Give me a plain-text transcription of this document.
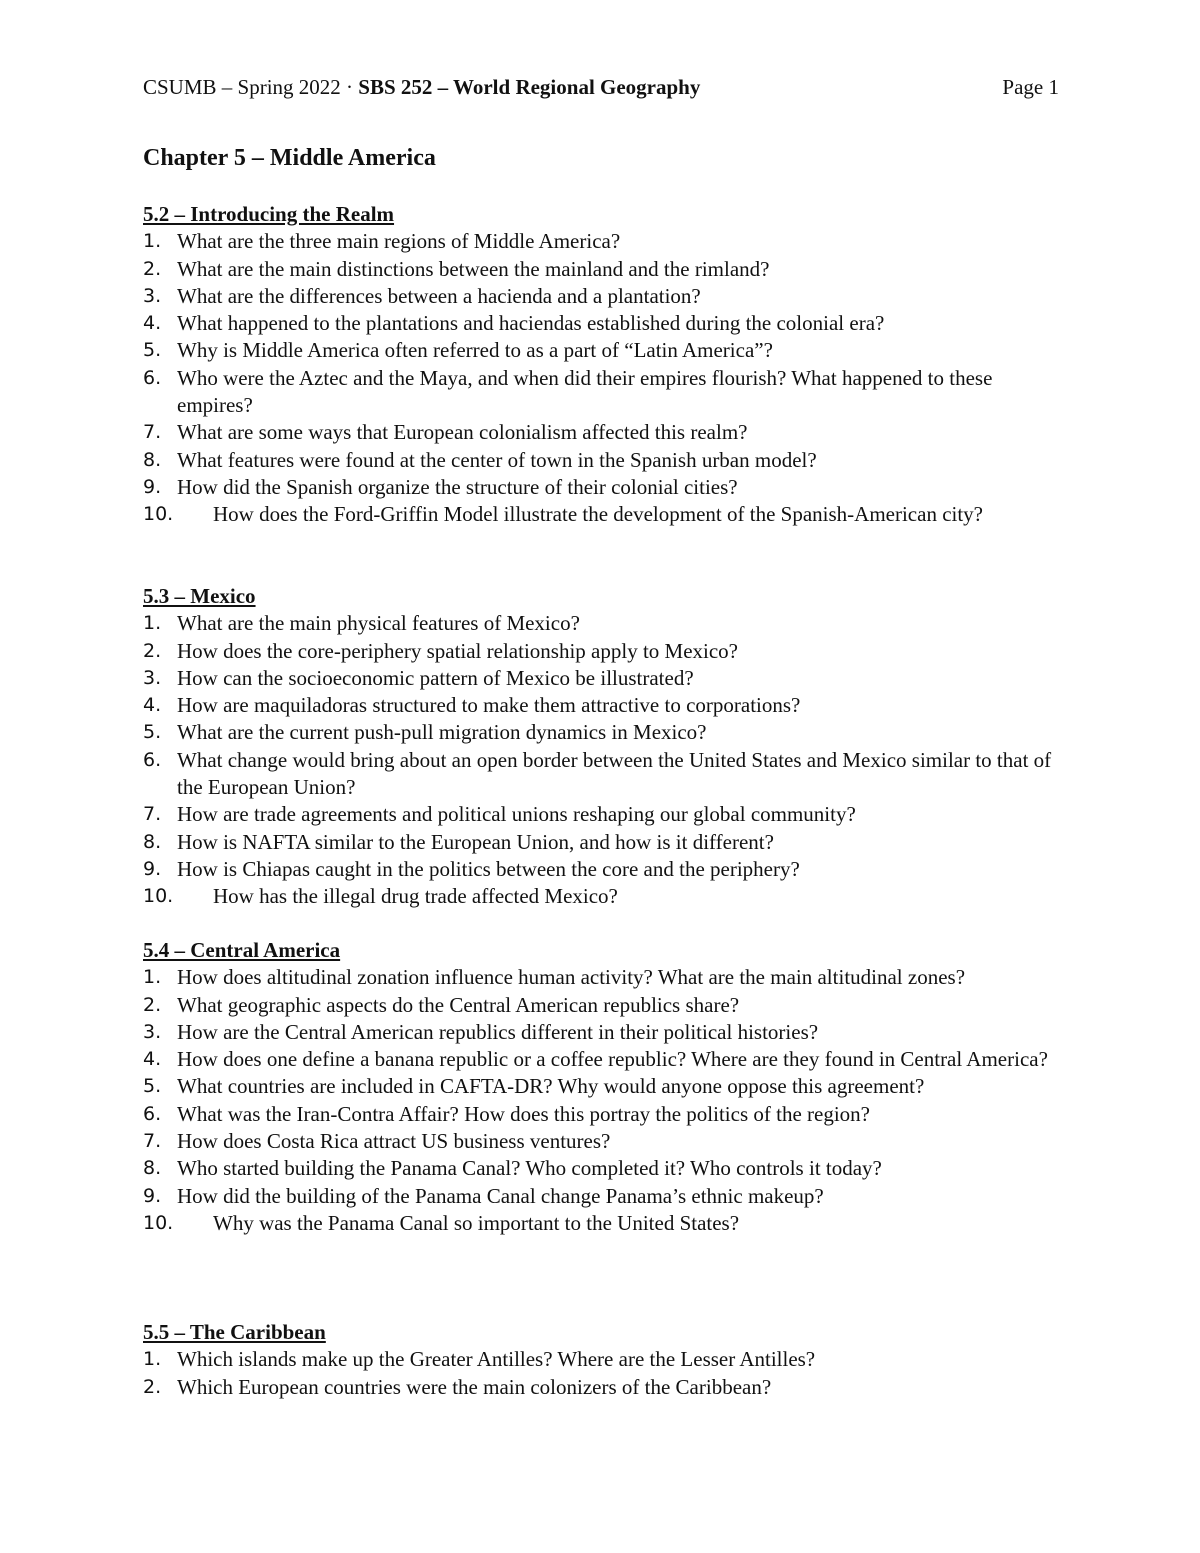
CSUMB – Spring 2022 · SBS 252 – World Regional Geography	Page 1
Chapter 5 – Middle America
5.2 – Introducing the Realm
1. What are the three main regions of Middle America?
2. What are the main distinctions between the mainland and the rimland?
3. What are the differences between a hacienda and a plantation?
4. What happened to the plantations and haciendas established during the colonial era?
5. Why is Middle America often referred to as a part of “Latin America”?
6. Who were the Aztec and the Maya, and when did their empires flourish? What happened to these empires?
7. What are some ways that European colonialism affected this realm?
8. What features were found at the center of town in the Spanish urban model?
9. How did the Spanish organize the structure of their colonial cities?
10. How does the Ford-Griffin Model illustrate the development of the Spanish-American city?
5.3 – Mexico
1. What are the main physical features of Mexico?
2. How does the core-periphery spatial relationship apply to Mexico?
3. How can the socioeconomic pattern of Mexico be illustrated?
4. How are maquiladoras structured to make them attractive to corporations?
5. What are the current push-pull migration dynamics in Mexico?
6. What change would bring about an open border between the United States and Mexico similar to that of the European Union?
7. How are trade agreements and political unions reshaping our global community?
8. How is NAFTA similar to the European Union, and how is it different?
9. How is Chiapas caught in the politics between the core and the periphery?
10. How has the illegal drug trade affected Mexico?
5.4 – Central America
1. How does altitudinal zonation influence human activity? What are the main altitudinal zones?
2. What geographic aspects do the Central American republics share?
3. How are the Central American republics different in their political histories?
4. How does one define a banana republic or a coffee republic? Where are they found in Central America?
5. What countries are included in CAFTA-DR? Why would anyone oppose this agreement?
6. What was the Iran-Contra Affair? How does this portray the politics of the region?
7. How does Costa Rica attract US business ventures?
8. Who started building the Panama Canal? Who completed it? Who controls it today?
9. How did the building of the Panama Canal change Panama’s ethnic makeup?
10. Why was the Panama Canal so important to the United States?
5.5 – The Caribbean
1. Which islands make up the Greater Antilles? Where are the Lesser Antilles?
2. Which European countries were the main colonizers of the Caribbean?
